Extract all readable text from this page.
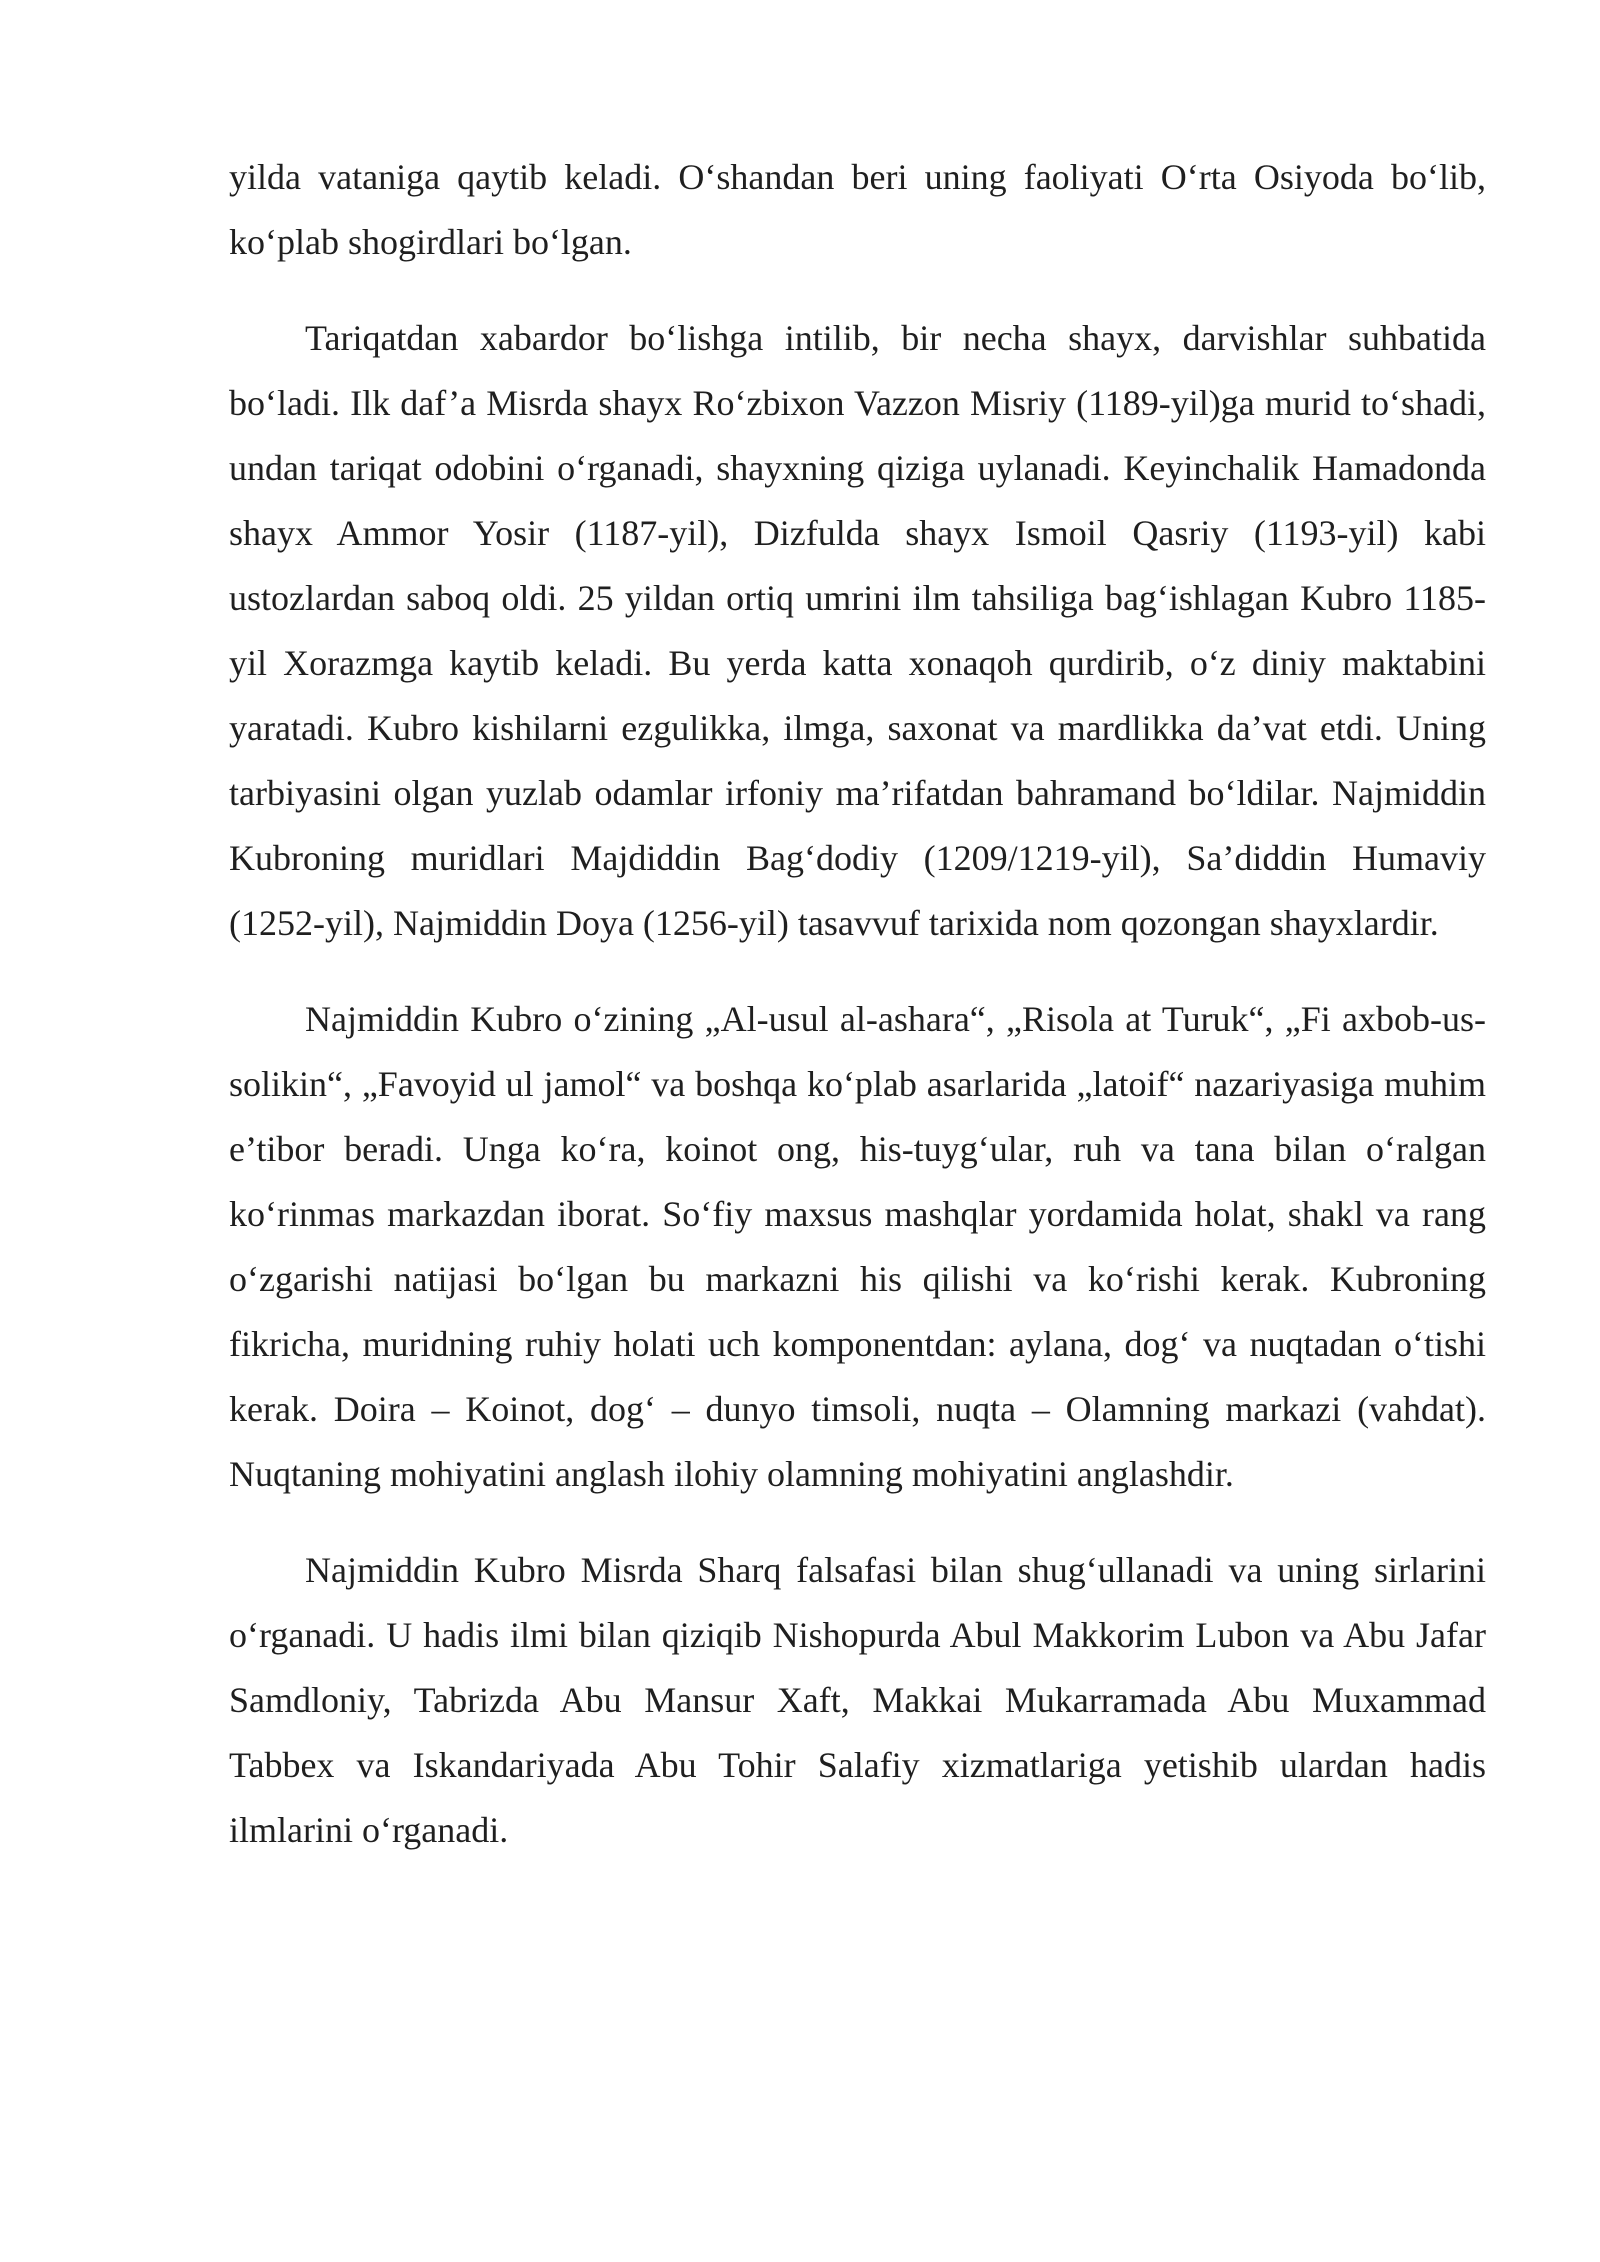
yilda vataniga qaytib keladi. O‘shandan beri uning faoliyati O‘rta Osiyoda bo‘lib, ko‘plab shogirdlari bo‘lgan.

Tariqatdan xabardor bo‘lishga intilib, bir necha shayx, darvishlar suhbatida bo‘ladi. Ilk daf’a Misrda shayx Ro‘zbixon Vazzon Misriy (1189-yil)ga murid to‘shadi, undan tariqat odobini o‘rganadi, shayxning qiziga uylanadi. Keyinchalik Hamadonda shayx Ammor Yosir (1187-yil), Dizfulda shayx Ismoil Qasriy (1193-yil) kabi ustozlardan saboq oldi. 25 yildan ortiq umrini ilm tahsiliga bag‘ishlagan Kubro 1185-yil Xorazmga kaytib keladi. Bu yerda katta xonaqoh qurdirib, o‘z diniy maktabini yaratadi. Kubro kishilarni ezgulikka, ilmga, saxonat va mardlikka da’vat etdi. Uning tarbiyasini olgan yuzlab odamlar irfoniy ma’rifatdan bahramand bo‘ldilar. Najmiddin Kubroning muridlari Majdiddin Bag‘dodiy (1209/1219-yil), Sa’diddin Humaviy (1252-yil), Najmiddin Doya (1256-yil) tasavvuf tarixida nom qozongan shayxlardir.

Najmiddin Kubro o‘zining „Al-usul al-ashara“, „Risola at Turuk“, „Fi axbob-us-solikin“, „Favoyid ul jamol“ va boshqa ko‘plab asarlarida „latoif“ nazariyasiga muhim e’tibor beradi. Unga ko‘ra, koinot ong, his-tuyg‘ular, ruh va tana bilan o‘ralgan ko‘rinmas markazdan iborat. So‘fiy maxsus mashqlar yordamida holat, shakl va rang o‘zgarishi natijasi bo‘lgan bu markazni his qilishi va ko‘rishi kerak. Kubroning fikricha, muridning ruhiy holati uch komponentdan: aylana, dog‘ va nuqtadan o‘tishi kerak. Doira – Koinot, dog‘ – dunyo timsoli, nuqta – Olamning markazi (vahdat). Nuqtaning mohiyatini anglash ilohiy olamning mohiyatini anglashdir.

Najmiddin Kubro Misrda Sharq falsafasi bilan shug‘ullanadi va uning sirlarini o‘rganadi. U hadis ilmi bilan qiziqib Nishopurda Abul Makkorim Lubon va Abu Jafar Samdloniy, Tabrizda Abu Mansur Xaft, Makkai Mukarramada Abu Muxammad Tabbex va Iskandariyada Abu Tohir Salafiy xizmatlariga yetishib ulardan hadis ilmlarini o‘rganadi.
